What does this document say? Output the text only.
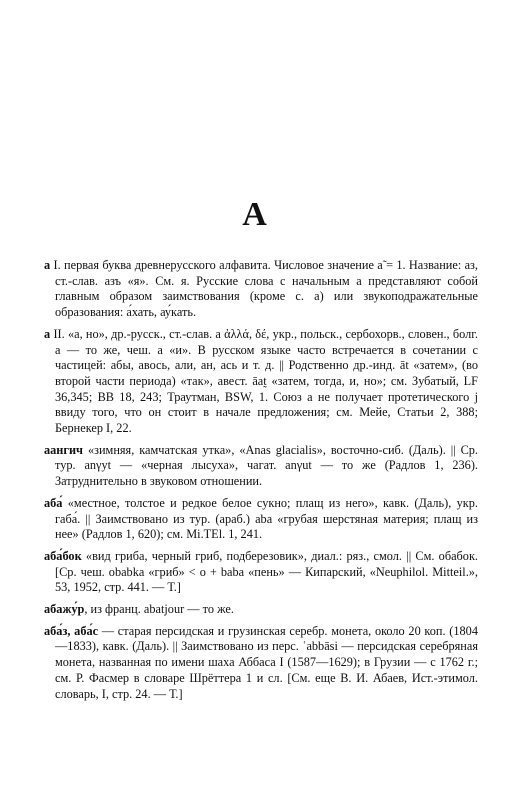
А

а I. первая буква древнерусского алфавита. Числовое значение а̃ = 1. Название: аз, ст.-слав. азъ «я». См. я. Русские слова с начальным а представляют собой главным образом заимствования (кроме с. а) или звукоподражательные образования: а́хать, ау́кать.

а II. «а, но», др.-русск., ст.-слав. а ἀλλά, δέ, укр., польск., сербохорв., словен., болг. а — то же, чеш. а «и». В русском языке часто встречается в сочетании с частицей: абы, авось, али, ан, ась и т. д. || Родственно др.-инд. āt «затем», (во второй части периода) «так», авест. āat̰ «затем, тогда, и, но»; см. Зубатый, LF 36,345; BB 18, 243; Траутман, BSW, 1. Союз а не получает протетического j ввиду того, что он стоит в начале предложения; см. Мейе, Статьи 2, 388; Бернекер I, 22.

аангич «зимняя, камчатская утка», «Anas glacialis», восточно-сиб. (Даль). || Ср. тур. anγyt — «черная лысуха», чагат. anγut — то же (Радлов 1, 236). Затруднительно в звуковом отношении.

аба́ «местное, толстое и редкое белое сукно; плащ из него», кавк. (Даль), укр. габа́. || Заимствовано из тур. (араб.) aba «грубая шерстяная материя; плащ из нее» (Радлов 1, 620); см. Mi.TEl. 1, 241.

аба́бок «вид гриба, черный гриб, подберезовик», диал.: ряз., смол. || См. обабок. [Ср. чеш. obabka «гриб» < о + baba «пень» — Кипарский, «Neuphilol. Mitteil.», 53, 1952, стр. 441. — Т.]

абажу́р, из франц. abatjour — то же.

аба́з, аба́с — старая персидская и грузинская серебр. монета, около 20 коп. (1804—1833), кавк. (Даль). || Заимствовано из перс. ʿabbāsi — персидская серебряная монета, названная по имени шаха Аббаса I (1587—1629); в Грузии — с 1762 г.; см. Р. Фасмер в словаре Шрёттера 1 и сл. [См. еще В. И. Абаев, Ист.-этимол. словарь, I, стр. 24. — Т.]
